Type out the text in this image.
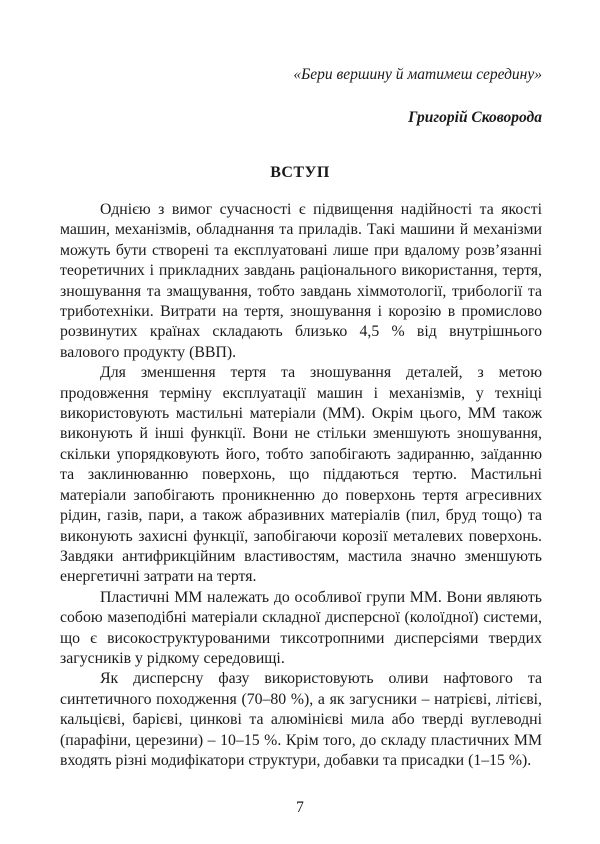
«Бери вершину й матимеш середину»

Григорій Сковорода

ВСТУП

Однією з вимог сучасності є підвищення надійності та якості машин, механізмів, обладнання та приладів. Такі машини й механізми можуть бути створені та експлуатовані лише при вдалому розв’язанні теоретичних і прикладних завдань раціонального використання, тертя, зношування та змащування, тобто завдань хіммотології, трибології та триботехніки. Витрати на тертя, зношування і корозію в промислово розвинутих країнах складають близько 4,5 % від внутрішнього валового продукту (ВВП).

Для зменшення тертя та зношування деталей, з метою продовження терміну експлуатації машин і механізмів, у техніці використовують мастильні матеріали (ММ). Окрім цього, ММ також виконують й інші функції. Вони не стільки зменшують зношування, скільки упорядковують його, тобто запобігають задиранню, заїданню та заклинюванню поверхонь, що піддаються тертю. Мастильні матеріали запобігають проникненню до поверхонь тертя агресивних рідин, газів, пари, а також абразивних матеріалів (пил, бруд тощо) та виконують захисні функції, запобігаючи корозії металевих поверхонь. Завдяки антифрикційним властивостям, мастила значно зменшують енергетичні затрати на тертя.

Пластичні ММ належать до особливої групи ММ. Вони являють собою мазеподібні матеріали складної дисперсної (колоїдної) системи, що є високоструктурованими тиксотропними дисперсіями твердих загусників у рідкому середовищі.

Як дисперсну фазу використовують оливи нафтового та синтетичного походження (70–80 %), а як загусники – натрієві, літієві, кальцієві, барієві, цинкові та алюмінієві мила або тверді вуглеводні (парафіни, церезини) – 10–15 %. Крім того, до складу пластичних ММ входять різні модифікатори структури, добавки та присадки (1–15 %).

7
